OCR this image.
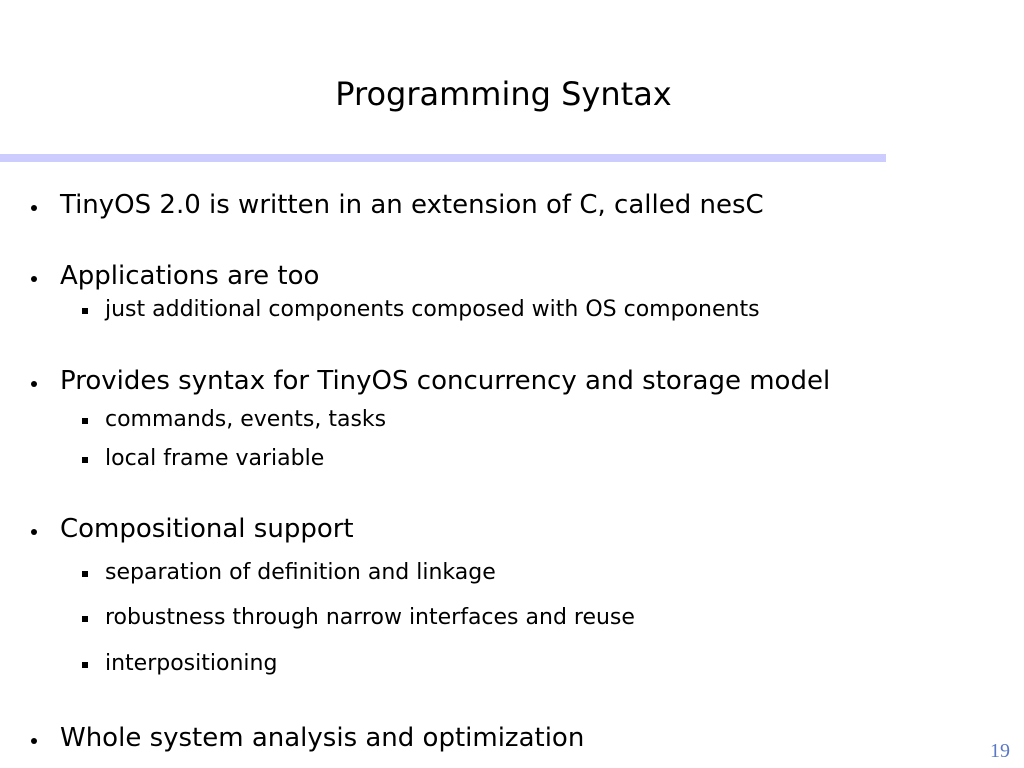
Programming Syntax
TinyOS 2.0 is written in an extension of C, called nesC
Applications are too
just additional components composed with OS components
Provides syntax for TinyOS concurrency and storage model
commands, events, tasks
local frame variable
Compositional support
separation of definition and linkage
robustness through narrow interfaces and reuse
interpositioning
Whole system analysis and optimization	19
